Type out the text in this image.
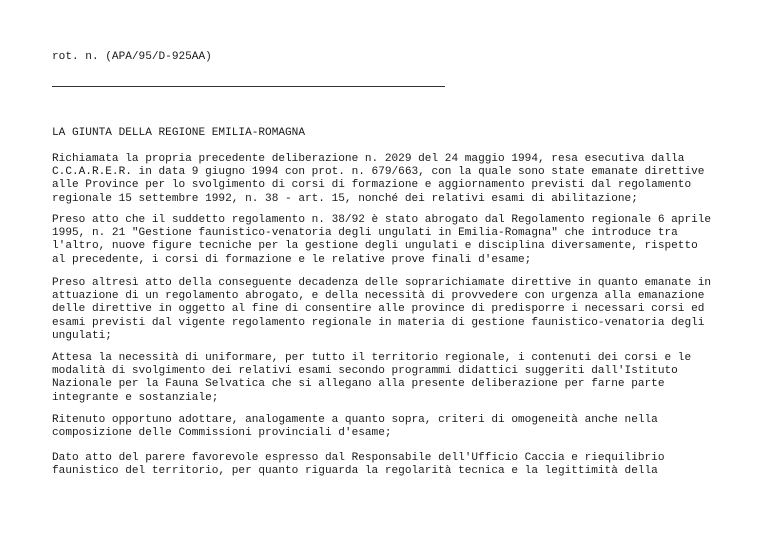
rot. n. (APA/95/D-925AA)

LA GIUNTA DELLA REGIONE EMILIA-ROMAGNA

Richiamata la propria precedente deliberazione n. 2029 del 24 maggio 1994, resa esecutiva dalla
C.C.A.R.E.R. in data 9 giugno 1994 con prot. n. 679/663, con la quale sono state emanate direttive
alle Province per lo svolgimento di corsi di formazione e aggiornamento previsti dal regolamento
regionale 15 settembre 1992, n. 38 - art. 15, nonché dei relativi esami di abilitazione;

Preso atto che il suddetto regolamento n. 38/92 è stato abrogato dal Regolamento regionale 6 aprile
1995, n. 21 "Gestione faunistico-venatoria degli ungulati in Emilia-Romagna" che introduce tra
l'altro, nuove figure tecniche per la gestione degli ungulati e disciplina diversamente, rispetto
al precedente, i corsi di formazione e le relative prove finali d'esame;

Preso altresì atto della conseguente decadenza delle soprarichiamate direttive in quanto emanate in
attuazione di un regolamento abrogato, e della necessità di provvedere con urgenza alla emanazione
delle direttive in oggetto al fine di consentire alle province di predisporre i necessari corsi ed
esami previsti dal vigente regolamento regionale in materia di gestione faunistico-venatoria degli
ungulati;

Attesa la necessità di uniformare, per tutto il territorio regionale, i contenuti dei corsi e le
modalità di svolgimento dei relativi esami secondo programmi didattici suggeriti dall'Istituto
Nazionale per la Fauna Selvatica che si allegano alla presente deliberazione per farne parte
integrante e sostanziale;

Ritenuto opportuno adottare, analogamente a quanto sopra, criteri di omogeneità anche nella
composizione delle Commissioni provinciali d'esame;

Dato atto del parere favorevole espresso dal Responsabile dell'Ufficio Caccia e riequilibrio
faunistico del territorio, per quanto riguarda la regolarità tecnica e la legittimità della
